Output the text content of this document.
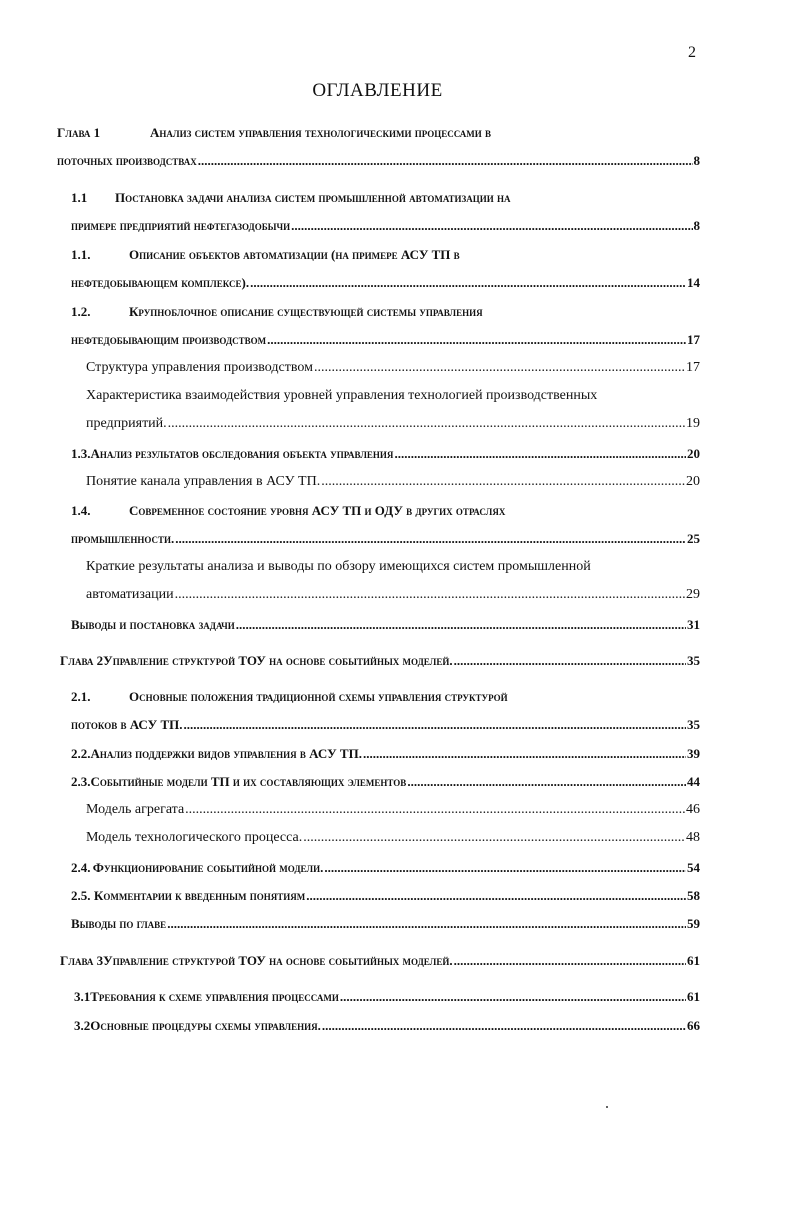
2
ОГЛАВЛЕНИЕ
Глава 1	Анализ систем управления технологическими процессами в
поточных производствах .....	8
1.1	Постановка задачи анализа систем промышленной автоматизации на
примере предприятий нефтегазодобычи .....	8
1.1.	Описание объектов автоматизации (на примере АСУ ТП в
нефтедобывающем комплексе). .....	14
1.2.	Крупноблочное описание существующей системы управления
нефтедобывающим производством .....	17
Структура управления производством .....	17
Характеристика взаимодействия уровней управления технологией производственных
предприятий. .....	19
1.3. Анализ результатов обследования объекта управления .....	20
Понятие канала управления в АСУ ТП. .....	20
1.4.	Современное состояние уровня АСУ ТП и ОДУ в других отраслях
промышленности. .....	25
Краткие результаты анализа и выводы по обзору имеющихся систем промышленной
автоматизации .....	29
Выводы и постановка задачи .....	31
Глава 2 Управление структурой ТОУ на основе событийных моделей. .....	35
2.1.	Основные положения традиционной схемы управления структурой
потоков в АСУ ТП. .....	35
2.2. Анализ поддержки видов управления в АСУ ТП. .....	39
2.3. Событийные модели ТП и их составляющих элементов .....	44
Модель агрегата .....	46
Модель технологического процесса. .....	48
2.4. Функционирование событийной модели. .....	54
2.5. Комментарии к введенным понятиям .....	58
Выводы по главе .....	59
Глава 3 Управление структурой ТОУ на основе событийных моделей. .....	61
3.1 Требования к схеме управления процессами .....	61
3.2 Основные процедуры схемы управления. .....	66
